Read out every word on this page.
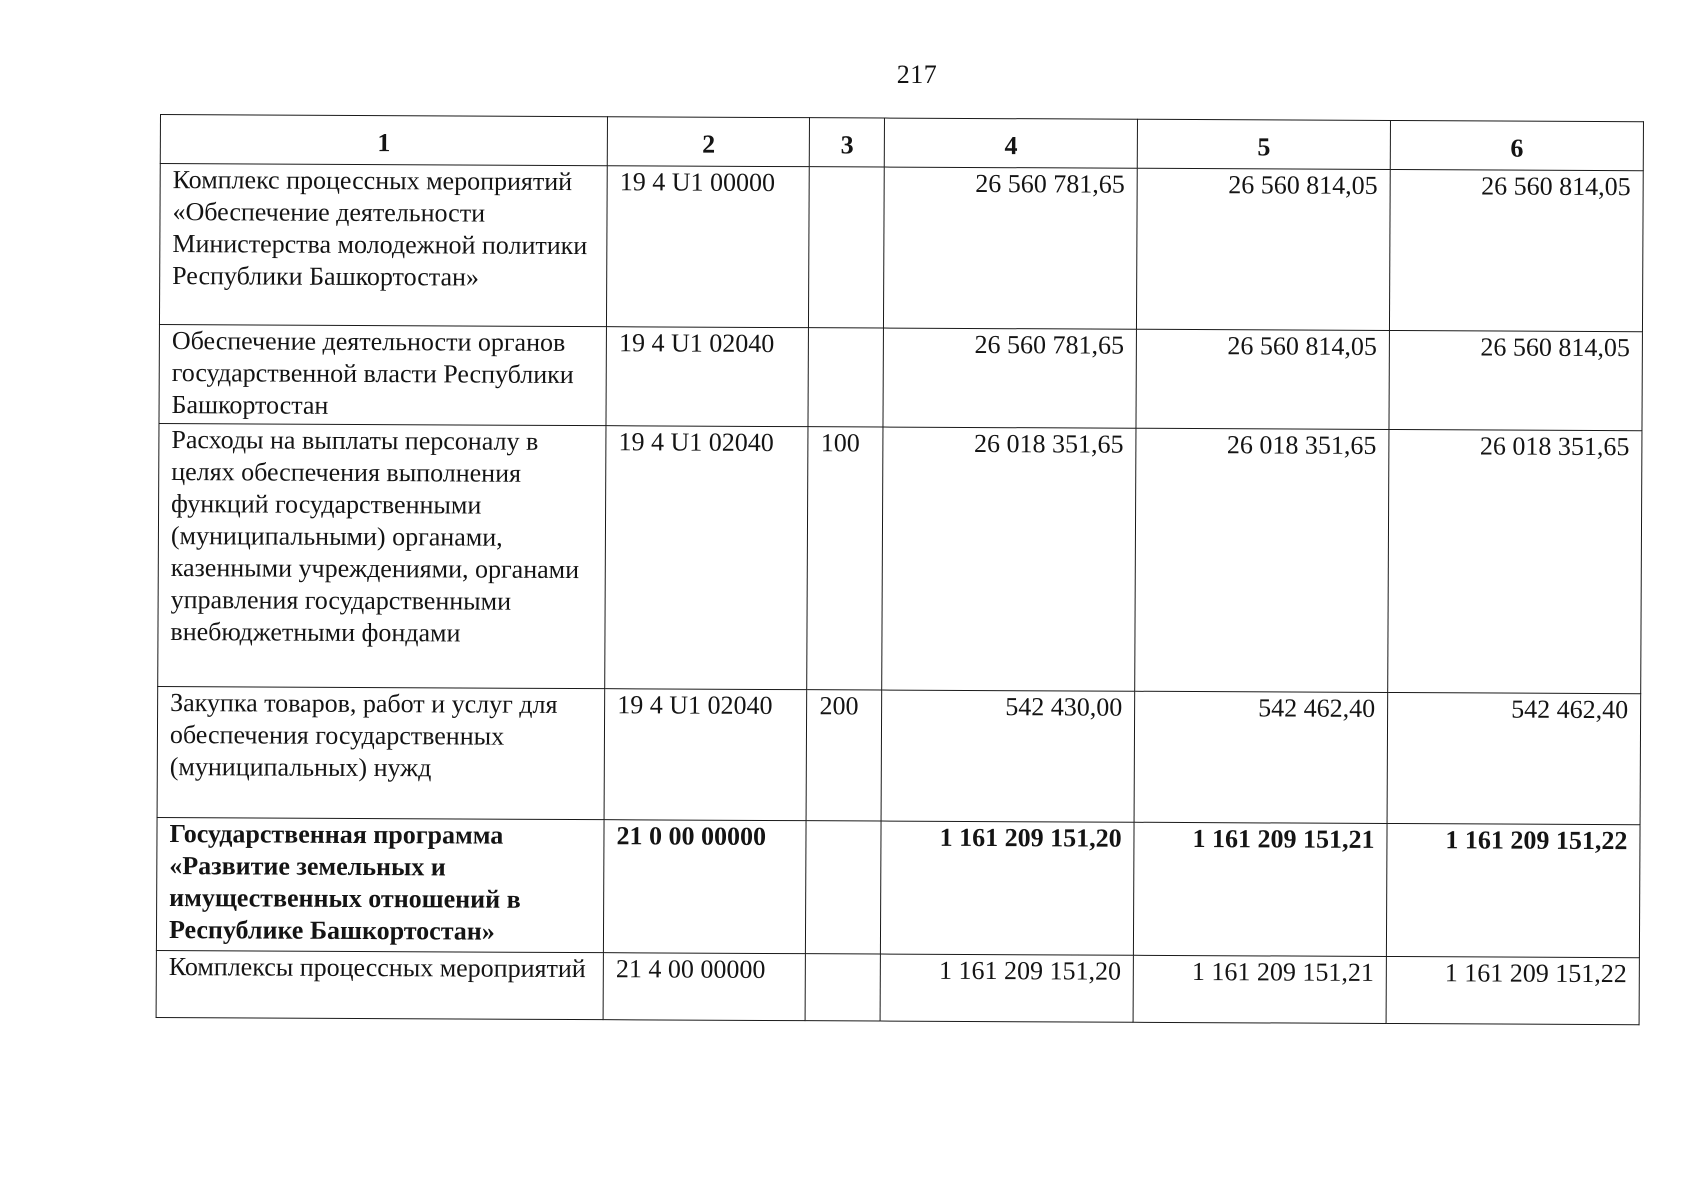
217
1	2	3	4	5	6
Комплекс процессных мероприятий «Обеспечение деятельности Министерства молодежной политики Республики Башкортостан»	19 4 U1 00000		26 560 781,65	26 560 814,05	26 560 814,05
Обеспечение деятельности органов государственной власти Республики Башкортостан	19 4 U1 02040		26 560 781,65	26 560 814,05	26 560 814,05
Расходы на выплаты персоналу в целях обеспечения выполнения функций государственными (муниципальными) органами, казенными учреждениями, органами управления государственными внебюджетными фондами	19 4 U1 02040	100	26 018 351,65	26 018 351,65	26 018 351,65
Закупка товаров, работ и услуг для обеспечения государственных (муниципальных) нужд	19 4 U1 02040	200	542 430,00	542 462,40	542 462,40
Государственная программа «Развитие земельных и имущественных отношений в Республике Башкортостан»	21 0 00 00000		1 161 209 151,20	1 161 209 151,21	1 161 209 151,22
Комплексы процессных мероприятий	21 4 00 00000		1 161 209 151,20	1 161 209 151,21	1 161 209 151,22
